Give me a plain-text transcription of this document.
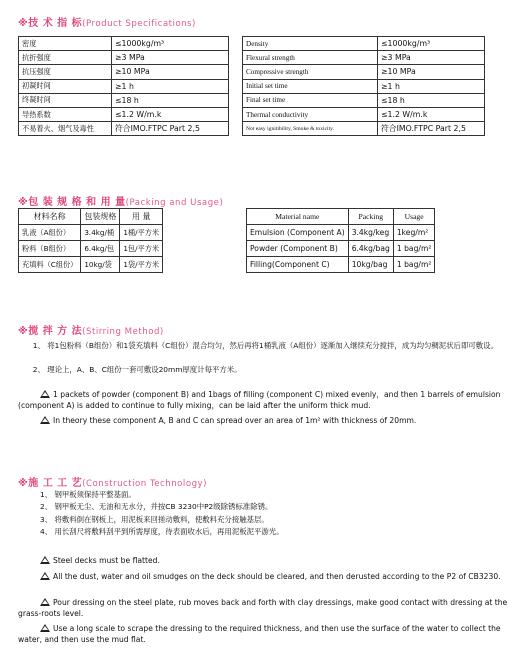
※技 术 指 标(Product Specifications)
密度	≤1000kg/m³
抗折强度	≥3 MPa
抗压强度	≥10 MPa
初凝时间	≥1 h
终凝时间	≤18 h
导热系数	≤1.2 W/m.k
不易着火、烟气及毒性	符合IMO.FTPC Part 2,5
Density	≤1000kg/m³
Flexural strength	≥3 MPa
Compressive strength	≥10 MPa
Initial set time	≥1 h
Final set time	≤18 h
Thermal conductivity	≤1.2 W/m.k
Not easy ignitibility, Smoke & toxicity.	符合IMO.FTPC Part 2,5
※包 装 规 格 和 用 量(Packing and Usage)
材料名称	包装规格	用 量
乳液（A组份）	3.4kg/桶	1桶/平方米
粉料（B组份）	6.4kg/包	1包/平方米
充填料（C组份）	10kg/袋	1袋/平方米
Material name	Packing	Usage
Emulsion (Component A)	3.4kg/keg	1keg/m²
Powder (Component B)	6.4kg/bag	1 bag/m²
Filling(Component C)	10kg/bag	1 bag/m²
※搅 拌 方 法(Stirring Method)
1、 将1包粉料（B组份）和1袋充填料（C组份）混合均匀，然后再将1桶乳液（A组份）逐渐加入继续充分搅拌，成为均匀稠泥状后即可敷设。
2、 理论上，A、B、C组份一套可敷设20mm厚度计每平方米。
1 packets of powder (component B) and 1bags of filling (component C) mixed evenly，and then 1 barrels of emulsion (component A) is added to continue to fully mixing，can be laid after the uniform thick mud.
In theory these component A, B and C can spread over an area of 1m² with thickness of 20mm.
※施 工 工 艺(Construction Technology)
1、 钢甲板须保持平整基面。
2、 钢甲板无尘、无油和无水分，并按CB 3230中P2级除锈标准除锈。
3、 将敷料倒在钢板上，用泥板来回搓动敷料，使敷料充分接触基层。
4、 用长刮尺将敷料刮平到所需厚度，待表面收水后，再用泥板泥平游光。
Steel decks must be flatted.
All the dust, water and oil smudges on the deck should be cleared, and then derusted according to the P2 of CB3230.
Pour dressing on the steel plate, rub moves back and forth with clay dressings, make good contact with dressing at the grass-roots level.
Use a long scale to scrape the dressing to the required thickness, and then use the surface of the water to collect the water, and then use the mud flat.
